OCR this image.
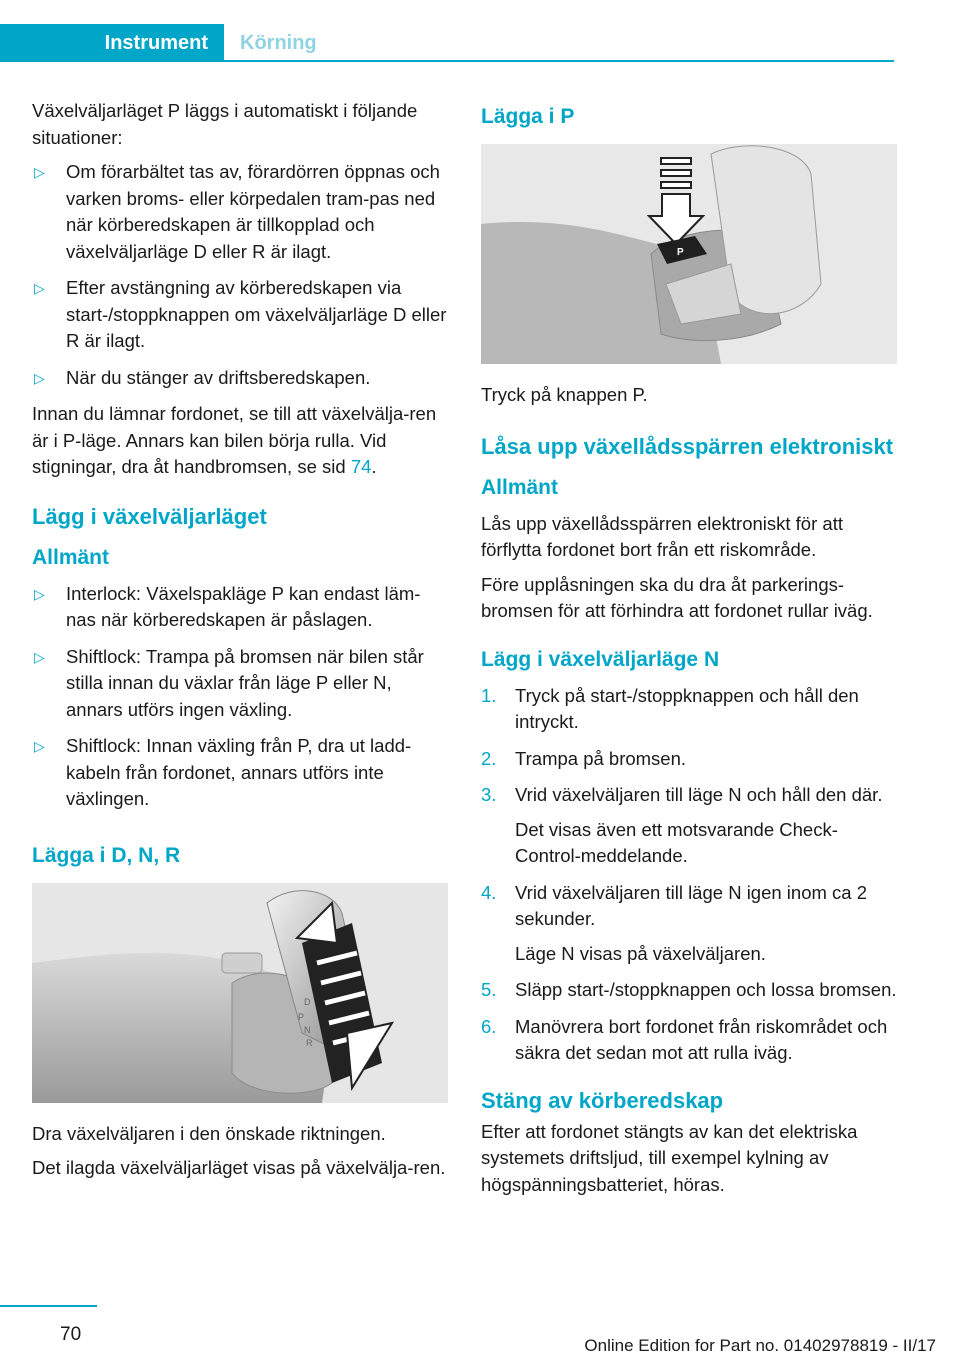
Instrument	Körning

Växelväljarläget P läggs i automatiskt i följande situationer:

▷ Om förarbältet tas av, förardörren öppnas och varken broms- eller körpedalen tram-pas ned när körberedskapen är tillkopplad och växelväljarläge D eller R är ilagt.
▷ Efter avstängning av körberedskapen via start-/stoppknappen om växelväljarläge D eller R är ilagt.
▷ När du stänger av driftsberedskapen.

Innan du lämnar fordonet, se till att växelvälja-ren är i P-läge. Annars kan bilen börja rulla. Vid stigningar, dra åt handbromsen, se sid 74.

Lägg i växelväljarläget
Allmänt
▷ Interlock: Växelspakläge P kan endast läm-nas när körberedskapen är påslagen.
▷ Shiftlock: Trampa på bromsen när bilen står stilla innan du växlar från läge P eller N, annars utförs ingen växling.
▷ Shiftlock: Innan växling från P, dra ut ladd-kabeln från fordonet, annars utförs inte växlingen.
Lägga i D, N, R
D
P
N
R

Dra växelväljaren i den önskade riktningen.

Det ilagda växelväljarläget visas på växelvälja-ren.

Lägga i P
P

Tryck på knappen P.

Låsa upp växellådsspärren elektroniskt
Allmänt

Lås upp växellådsspärren elektroniskt för att förflytta fordonet bort från ett riskområde.

Före upplåsningen ska du dra åt parkerings-bromsen för att förhindra att fordonet rullar iväg.

Lägg i växelväljarläge N
1. Tryck på start-/stoppknappen och håll den intryckt.
2. Trampa på bromsen.
3. Vrid växelväljaren till läge N och håll den där.
Det visas även ett motsvarande Check-Control-meddelande.
4. Vrid växelväljaren till läge N igen inom ca 2 sekunder.
Läge N visas på växelväljaren.
5. Släpp start-/stoppknappen och lossa bromsen.
6. Manövrera bort fordonet från riskområdet och säkra det sedan mot att rulla iväg.
Stäng av körberedskap

Efter att fordonet stängts av kan det elektriska systemets driftsljud, till exempel kylning av högspänningsbatteriet, höras.

70
Online Edition for Part no. 01402978819 - II/17
